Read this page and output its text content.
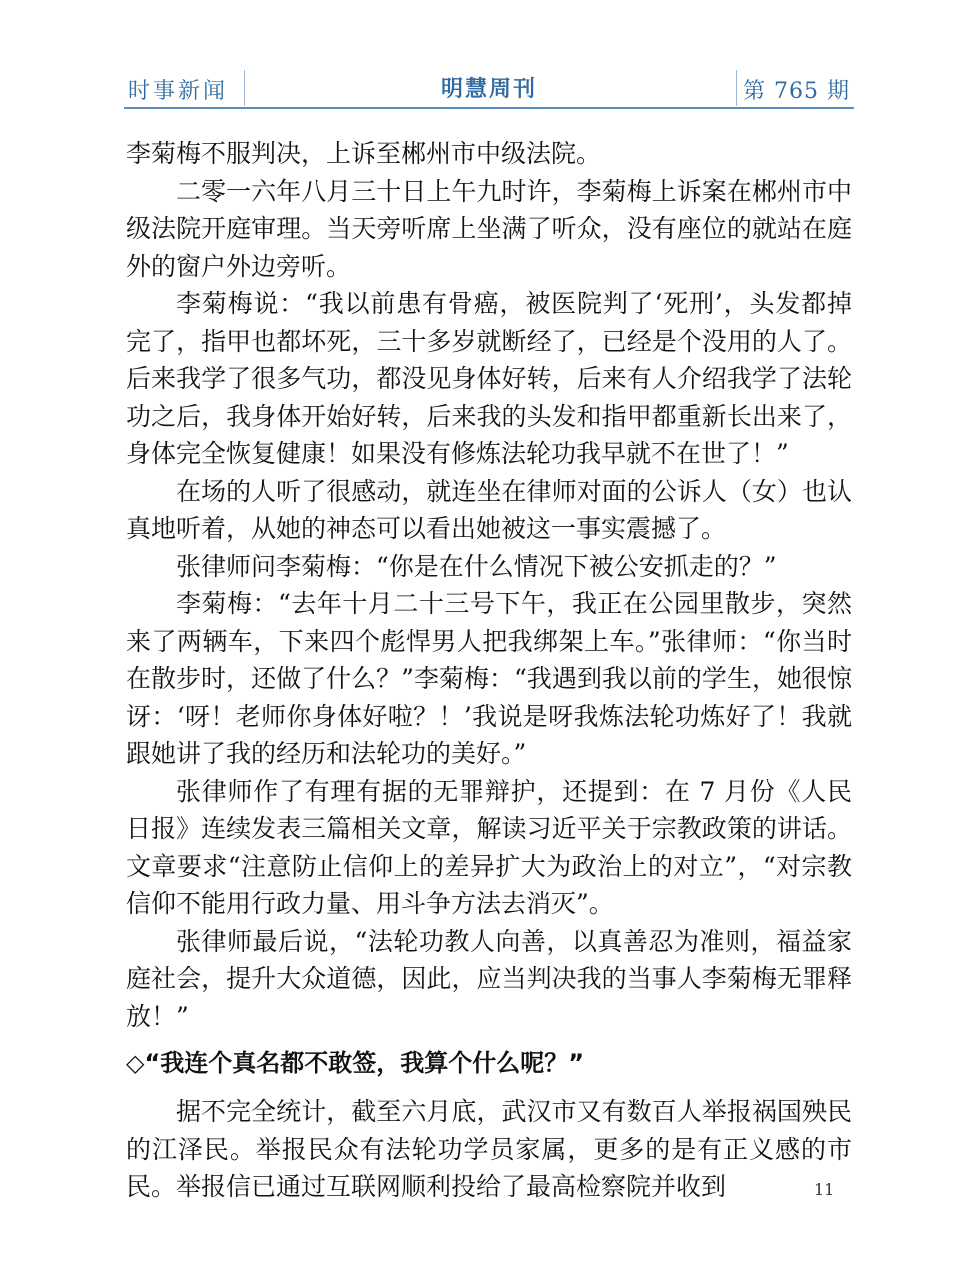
时事新闻	明慧周刊	第 765 期

李菊梅不服判决，上诉至郴州市中级法院。

二零一六年八月三十日上午九时许，李菊梅上诉案在郴州市中级法院开庭审理。当天旁听席上坐满了听众，没有座位的就站在庭外的窗户外边旁听。

李菊梅说：“我以前患有骨癌，被医院判了‘死刑’，头发都掉完了，指甲也都坏死，三十多岁就断经了，已经是个没用的人了。后来我学了很多气功，都没见身体好转，后来有人介绍我学了法轮功之后，我身体开始好转，后来我的头发和指甲都重新长出来了，身体完全恢复健康！如果没有修炼法轮功我早就不在世了！”

在场的人听了很感动，就连坐在律师对面的公诉人（女）也认真地听着，从她的神态可以看出她被这一事实震撼了。

张律师问李菊梅：“你是在什么情况下被公安抓走的？”

李菊梅：“去年十月二十三号下午，我正在公园里散步，突然来了两辆车，下来四个彪悍男人把我绑架上车。”张律师：“你当时在散步时，还做了什么？”李菊梅：“我遇到我以前的学生，她很惊讶：‘呀！老师你身体好啦？！’我说是呀我炼法轮功炼好了！我就跟她讲了我的经历和法轮功的美好。”

张律师作了有理有据的无罪辩护，还提到：在 7 月份《人民日报》连续发表三篇相关文章，解读习近平关于宗教政策的讲话。文章要求“注意防止信仰上的差异扩大为政治上的对立”，“对宗教信仰不能用行政力量、用斗争方法去消灭”。

张律师最后说，“法轮功教人向善，以真善忍为准则，福益家庭社会，提升大众道德，因此，应当判决我的当事人李菊梅无罪释放！”

◇“我连个真名都不敢签，我算个什么呢？”

据不完全统计，截至六月底，武汉市又有数百人举报祸国殃民的江泽民。举报民众有法轮功学员家属，更多的是有正义感的市民。举报信已通过互联网顺利投给了最高检察院并收到	11
